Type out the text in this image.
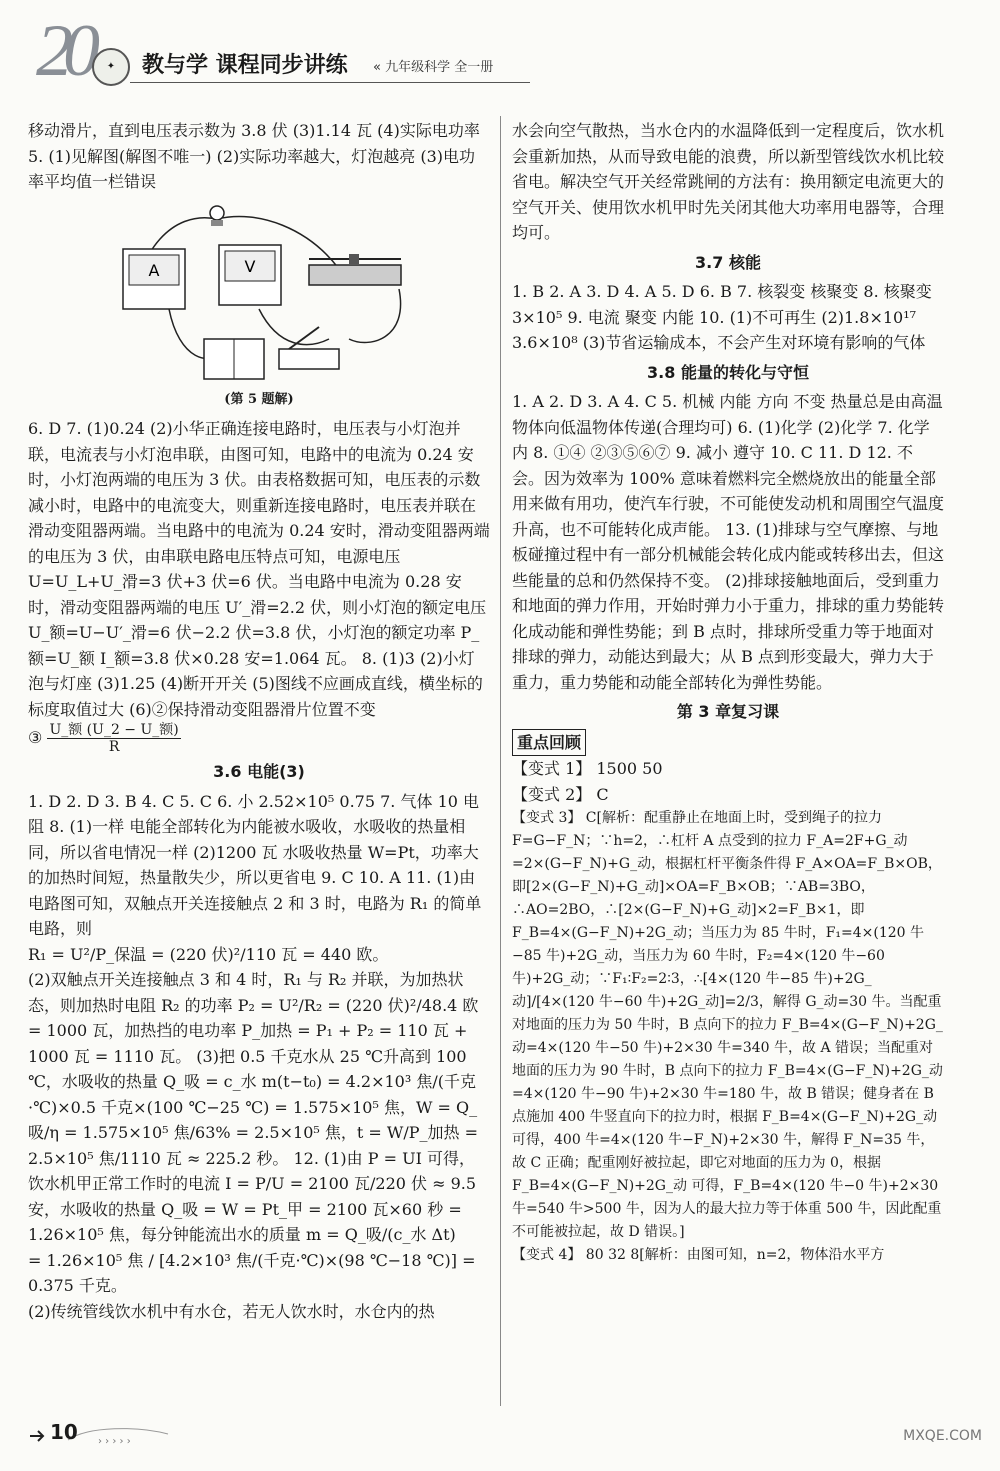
20	✦	教与学 课程同步讲练 « 九年级科学 全一册

移动滑片，直到电压表示数为 3.8 伏 (3)1.14 瓦 (4)实际电功率 5. (1)见解图(解图不唯一) (2)实际功率越大，灯泡越亮 (3)电功率平均值一栏错误

A	V

(第 5 题解)

6. D 7. (1)0.24 (2)小华正确连接电路时，电压表与小灯泡并联，电流表与小灯泡串联，由图可知，电路中的电流为 0.24 安时，小灯泡两端的电压为 3 伏。由表格数据可知，电压表的示数减小时，电路中的电流变大，则重新连接电路时，电压表并联在滑动变阻器两端。当电路中的电流为 0.24 安时，滑动变阻器两端的电压为 3 伏，由串联电路电压特点可知，电源电压 U=U_L+U_滑=3 伏+3 伏=6 伏。当电路中电流为 0.28 安时，滑动变阻器两端的电压 U′_滑=2.2 伏，则小灯泡的额定电压 U_额=U−U′_滑=6 伏−2.2 伏=3.8 伏，小灯泡的额定功率 P_额=U_额 I_额=3.8 伏×0.28 安=1.064 瓦。 8. (1)3 (2)小灯泡与灯座 (3)1.25 (4)断开开关 (5)图线不应画成直线，横坐标的标度取值过大 (6)②保持滑动变阻器滑片位置不变

③ $\frac{\text{U\_额 (U\_2 − U\_额)}}{R}$

3.6 电能(3)

1. D 2. D 3. B 4. C 5. C 6. 小 2.52×10⁵ 0.75 7. 气体 10 电阻 8. (1)一样 电能全部转化为内能被水吸收，水吸收的热量相同，所以省电情况一样 (2)1200 瓦 水吸收热量 W=Pt，功率大的加热时间短，热量散失少，所以更省电 9. C 10. A 11. (1)由电路图可知，双触点开关连接触点 2 和 3 时，电路为 R₁ 的简单电路，则

R₁ = U²/P_保温 = (220 伏)²/110 瓦 = 440 欧。

(2)双触点开关连接触点 3 和 4 时，R₁ 与 R₂ 并联，为加热状态，则加热时电阻 R₂ 的功率 P₂ = U²/R₂ = (220 伏)²/48.4 欧 = 1000 瓦，加热挡的电功率 P_加热 = P₁ + P₂ = 110 瓦 + 1000 瓦 = 1110 瓦。 (3)把 0.5 千克水从 25 ℃升高到 100 ℃，水吸收的热量 Q_吸 = c_水 m(t−t₀) = 4.2×10³ 焦/(千克·℃)×0.5 千克×(100 ℃−25 ℃) = 1.575×10⁵ 焦，W = Q_吸/η = 1.575×10⁵ 焦/63% = 2.5×10⁵ 焦，t = W/P_加热 = 2.5×10⁵ 焦/1110 瓦 ≈ 225.2 秒。 12. (1)由 P = UI 可得，饮水机甲正常工作时的电流 I = P/U = 2100 瓦/220 伏 ≈ 9.5 安，水吸收的热量 Q_吸 = W = Pt_甲 = 2100 瓦×60 秒 = 1.26×10⁵ 焦，每分钟能流出水的质量 m = Q_吸/(c_水 Δt)

= 1.26×10⁵ 焦 / [4.2×10³ 焦/(千克·℃)×(98 ℃−18 ℃)] = 0.375 千克。

(2)传统管线饮水机中有水仓，若无人饮水时，水仓内的热

水会向空气散热，当水仓内的水温降低到一定程度后，饮水机会重新加热，从而导致电能的浪费，所以新型管线饮水机比较省电。解决空气开关经常跳闸的方法有：换用额定电流更大的空气开关、使用饮水机甲时先关闭其他大功率用电器等，合理均可。

3.7 核能

1. B 2. A 3. D 4. A 5. D 6. B 7. 核裂变 核聚变 8. 核聚变 3×10⁵ 9. 电流 聚变 内能 10. (1)不可再生 (2)1.8×10¹⁷ 3.6×10⁸ (3)节省运输成本，不会产生对环境有影响的气体

3.8 能量的转化与守恒

1. A 2. D 3. A 4. C 5. 机械 内能 方向 不变 热量总是由高温物体向低温物体传递(合理均可) 6. (1)化学 (2)化学 7. 化学 内 8. ①④ ②③⑤⑥⑦ 9. 减小 遵守 10. C 11. D 12. 不会。因为效率为 100% 意味着燃料完全燃烧放出的能量全部用来做有用功，使汽车行驶，不可能使发动机和周围空气温度升高，也不可能转化成声能。 13. (1)排球与空气摩擦、与地板碰撞过程中有一部分机械能会转化成内能或转移出去，但这些能量的总和仍然保持不变。 (2)排球接触地面后，受到重力和地面的弹力作用，开始时弹力小于重力，排球的重力势能转化成动能和弹性势能；到 B 点时，排球所受重力等于地面对排球的弹力，动能达到最大；从 B 点到形变最大，弹力大于重力，重力势能和动能全部转化为弹性势能。

第 3 章复习课

重点回顾

【变式 1】 1500 50

【变式 2】 C

【变式 3】 C[解析：配重静止在地面上时，受到绳子的拉力 F=G−F_N；∵h=2，∴杠杆 A 点受到的拉力 F_A=2F+G_动=2×(G−F_N)+G_动，根据杠杆平衡条件得 F_A×OA=F_B×OB，即[2×(G−F_N)+G_动]×OA=F_B×OB；∵AB=3BO，∴AO=2BO，∴[2×(G−F_N)+G_动]×2=F_B×1，即 F_B=4×(G−F_N)+2G_动；当压力为 85 牛时，F₁=4×(120 牛−85 牛)+2G_动，当压力为 60 牛时，F₂=4×(120 牛−60 牛)+2G_动；∵F₁∶F₂=2∶3，∴[4×(120 牛−85 牛)+2G_动]/[4×(120 牛−60 牛)+2G_动]=2/3，解得 G_动=30 牛。当配重对地面的压力为 50 牛时，B 点向下的拉力 F_B=4×(G−F_N)+2G_动=4×(120 牛−50 牛)+2×30 牛=340 牛，故 A 错误；当配重对地面的压力为 90 牛时，B 点向下的拉力 F_B=4×(G−F_N)+2G_动=4×(120 牛−90 牛)+2×30 牛=180 牛，故 B 错误；健身者在 B 点施加 400 牛竖直向下的拉力时，根据 F_B=4×(G−F_N)+2G_动 可得，400 牛=4×(120 牛−F_N)+2×30 牛，解得 F_N=35 牛，故 C 正确；配重刚好被拉起，即它对地面的压力为 0，根据 F_B=4×(G−F_N)+2G_动 可得，F_B=4×(120 牛−0 牛)+2×30 牛=540 牛>500 牛，因为人的最大拉力等于体重 500 牛，因此配重不可能被拉起，故 D 错误。]

【变式 4】 80 32 8[解析：由图可知，n=2，物体沿水平方

› › › › ›
10	MXQE.COM
